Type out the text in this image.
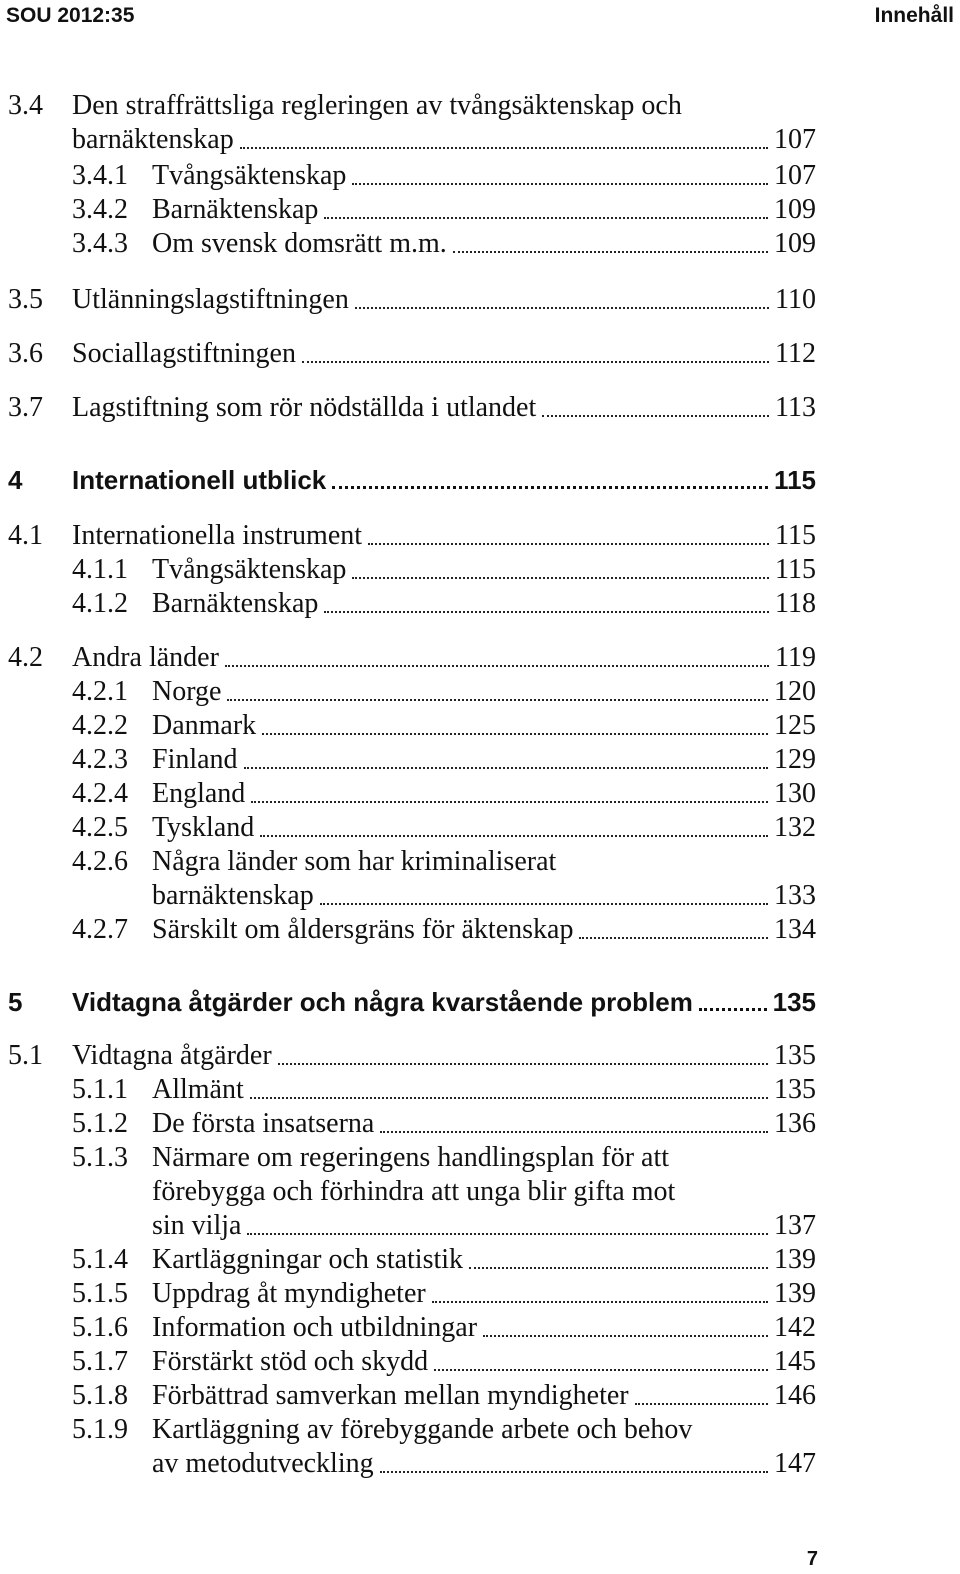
SOU 2012:35	Innehåll
3.4 Den straffrättsliga regleringen av tvångsäktenskap och
barnäktenskap	107
3.4.1 Tvångsäktenskap	107
3.4.2 Barnäktenskap	109
3.4.3 Om svensk domsrätt m.m.	109
3.5 Utlänningslagstiftningen	110
3.6 Sociallagstiftningen	112
3.7 Lagstiftning som rör nödställda i utlandet	113
4 Internationell utblick	115
4.1 Internationella instrument	115
4.1.1 Tvångsäktenskap	115
4.1.2 Barnäktenskap	118
4.2 Andra länder	119
4.2.1 Norge	120
4.2.2 Danmark	125
4.2.3 Finland	129
4.2.4 England	130
4.2.5 Tyskland	132
4.2.6 Några länder som har kriminaliserat
barnäktenskap	133
4.2.7 Särskilt om åldersgräns för äktenskap	134
5 Vidtagna åtgärder och några kvarstående problem	135
5.1 Vidtagna åtgärder	135
5.1.1 Allmänt	135
5.1.2 De första insatserna	136
5.1.3 Närmare om regeringens handlingsplan för att
förebygga och förhindra att unga blir gifta mot
sin vilja	137
5.1.4 Kartläggningar och statistik	139
5.1.5 Uppdrag åt myndigheter	139
5.1.6 Information och utbildningar	142
5.1.7 Förstärkt stöd och skydd	145
5.1.8 Förbättrad samverkan mellan myndigheter	146
5.1.9 Kartläggning av förebyggande arbete och behov
av metodutveckling	147
7
